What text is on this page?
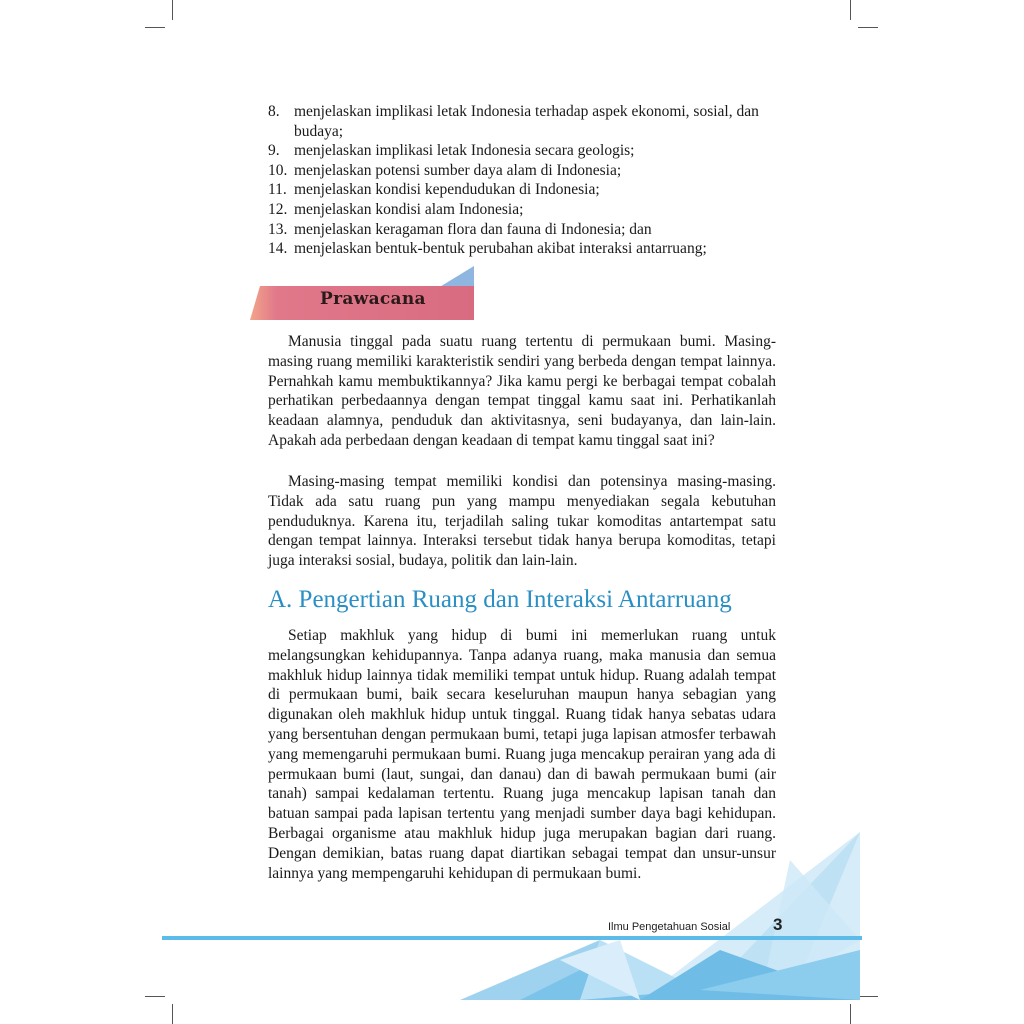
8. menjelaskan implikasi letak Indonesia terhadap aspek ekonomi, sosial, dan budaya;
9. menjelaskan implikasi letak Indonesia secara geologis;
10. menjelaskan potensi sumber daya alam di Indonesia;
11. menjelaskan kondisi kependudukan di Indonesia;
12. menjelaskan kondisi alam Indonesia;
13. menjelaskan keragaman flora dan fauna di Indonesia; dan
14. menjelaskan bentuk-bentuk perubahan akibat interaksi antarruang;
Prawacana

Manusia tinggal pada suatu ruang tertentu di permukaan bumi. Masing-masing ruang memiliki karakteristik sendiri yang berbeda dengan tempat lainnya. Pernahkah kamu membuktikannya? Jika kamu pergi ke berbagai tempat cobalah perhatikan perbedaannya dengan tempat tinggal kamu saat ini. Perhatikanlah keadaan alamnya, penduduk dan aktivitasnya, seni budayanya, dan lain-lain. Apakah ada perbedaan dengan keadaan di tempat kamu tinggal saat ini?

Masing-masing tempat memiliki kondisi dan potensinya masing-masing. Tidak ada satu ruang pun yang mampu menyediakan segala kebutuhan penduduknya. Karena itu, terjadilah saling tukar komoditas antartempat satu dengan tempat lainnya. Interaksi tersebut tidak hanya berupa komoditas, tetapi juga interaksi sosial, budaya, politik dan lain-lain.

A. Pengertian Ruang dan Interaksi Antarruang

Setiap makhluk yang hidup di bumi ini memerlukan ruang untuk melangsungkan kehidupannya. Tanpa adanya ruang, maka manusia dan semua makhluk hidup lainnya tidak memiliki tempat untuk hidup. Ruang adalah tempat di permukaan bumi, baik secara keseluruhan maupun hanya sebagian yang digunakan oleh makhluk hidup untuk tinggal. Ruang tidak hanya sebatas udara yang bersentuhan dengan permukaan bumi, tetapi juga lapisan atmosfer terbawah yang memengaruhi permukaan bumi. Ruang juga mencakup perairan yang ada di permukaan bumi (laut, sungai, dan danau) dan di bawah permukaan bumi (air tanah) sampai kedalaman tertentu. Ruang juga mencakup lapisan tanah dan batuan sampai pada lapisan tertentu yang menjadi sumber daya bagi kehidupan. Berbagai organisme atau makhluk hidup juga merupakan bagian dari ruang. Dengan demikian, batas ruang dapat diartikan sebagai tempat dan unsur-unsur lainnya yang mempengaruhi kehidupan di permukaan bumi.

Ilmu Pengetahuan Sosial	3
